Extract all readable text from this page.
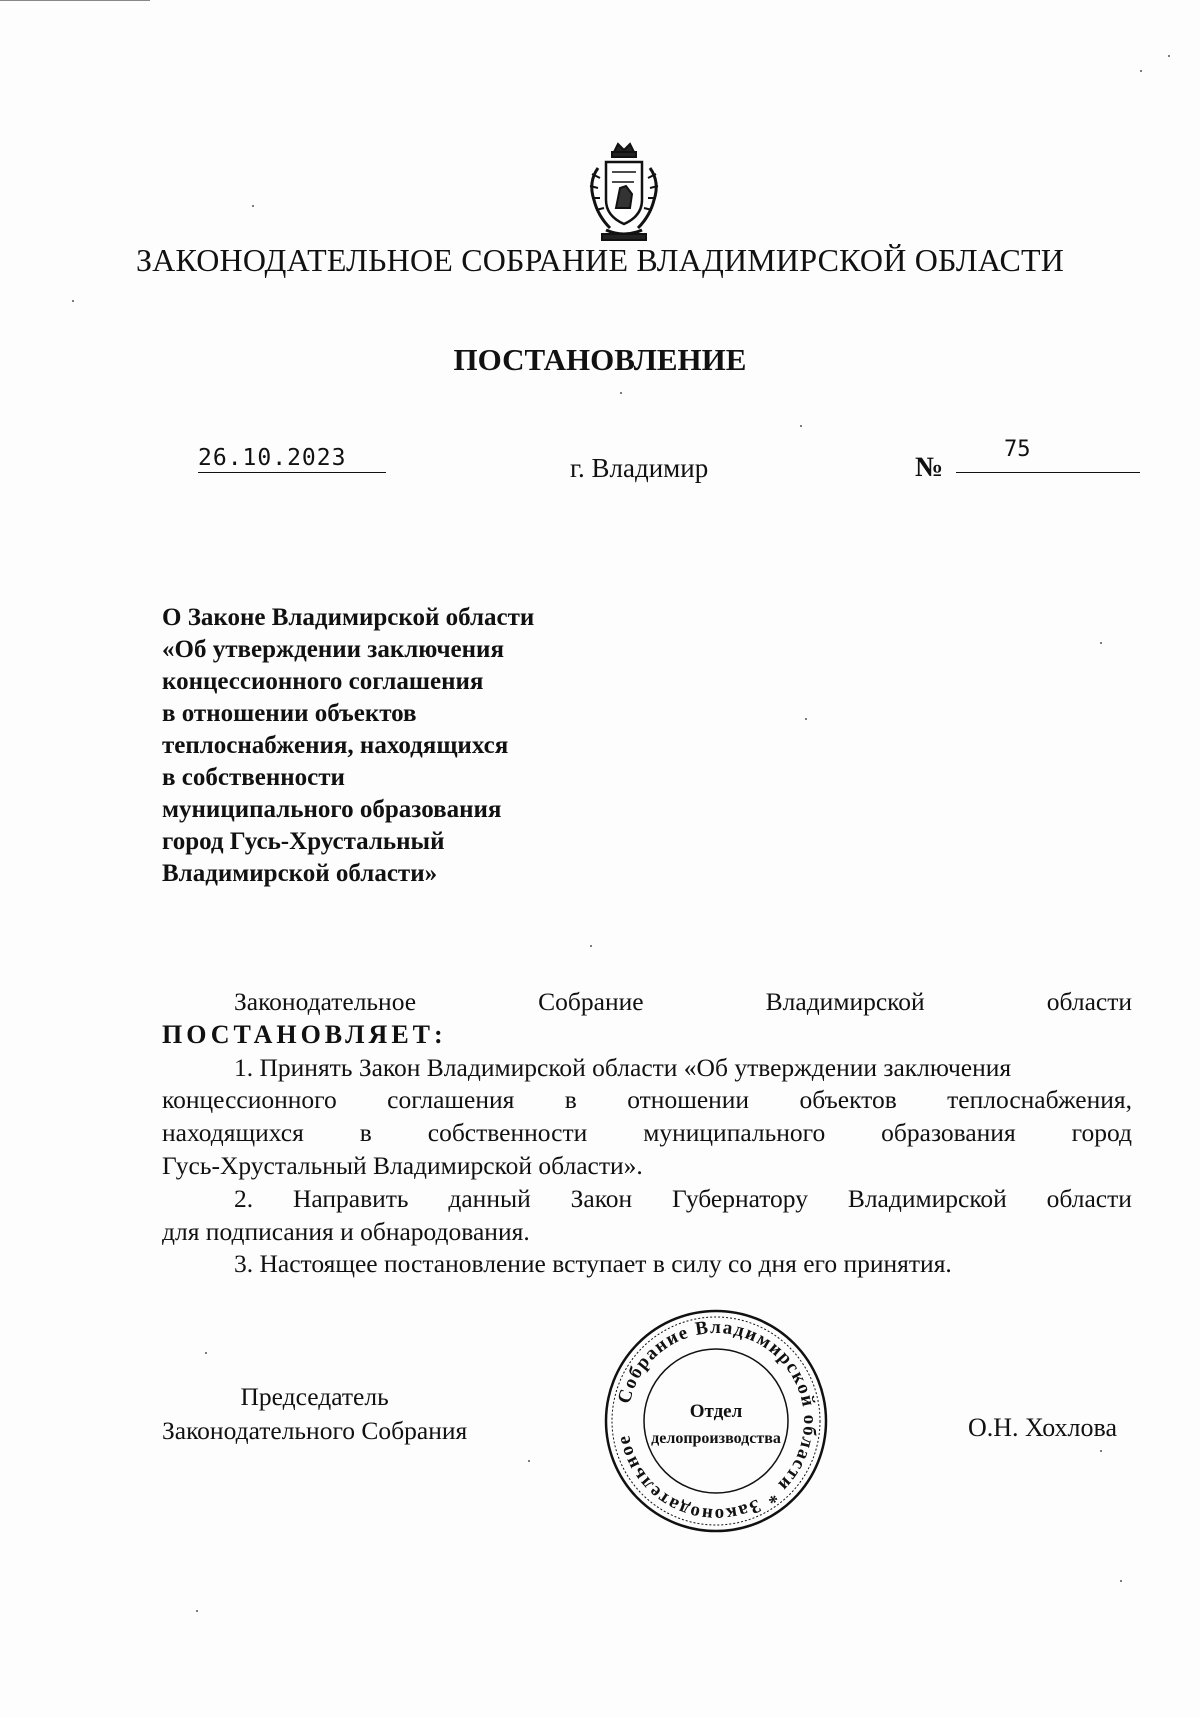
ЗАКОНОДАТЕЛЬНОЕ СОБРАНИЕ ВЛАДИМИРСКОЙ ОБЛАСТИ
ПОСТАНОВЛЕНИЕ
26.10.2023	г. Владимир	№
75
О Законе Владимирской области
«Об утверждении заключения
концессионного соглашения
в отношении объектов
теплоснабжения, находящихся
в собственности
муниципального образования
город Гусь-Хрустальный
Владимирской области»
Законодательное	Собрание	Владимирской	области
ПОСТАНОВЛЯЕТ:
1. Принять Закон Владимирской области «Об утверждении заключения
концессионного соглашения в отношении объектов теплоснабжения,
находящихся в собственности муниципального образования город
Гусь-Хрустальный Владимирской области».
2. Направить данный Закон Губернатору Владимирской области
для подписания и обнародования.
3. Настоящее постановление вступает в силу со дня его принятия.
Председатель
Законодательного Собрания	О.Н. Хохлова
Собрание Владимирской области * Законодательное
Отдел
делопроизводства
